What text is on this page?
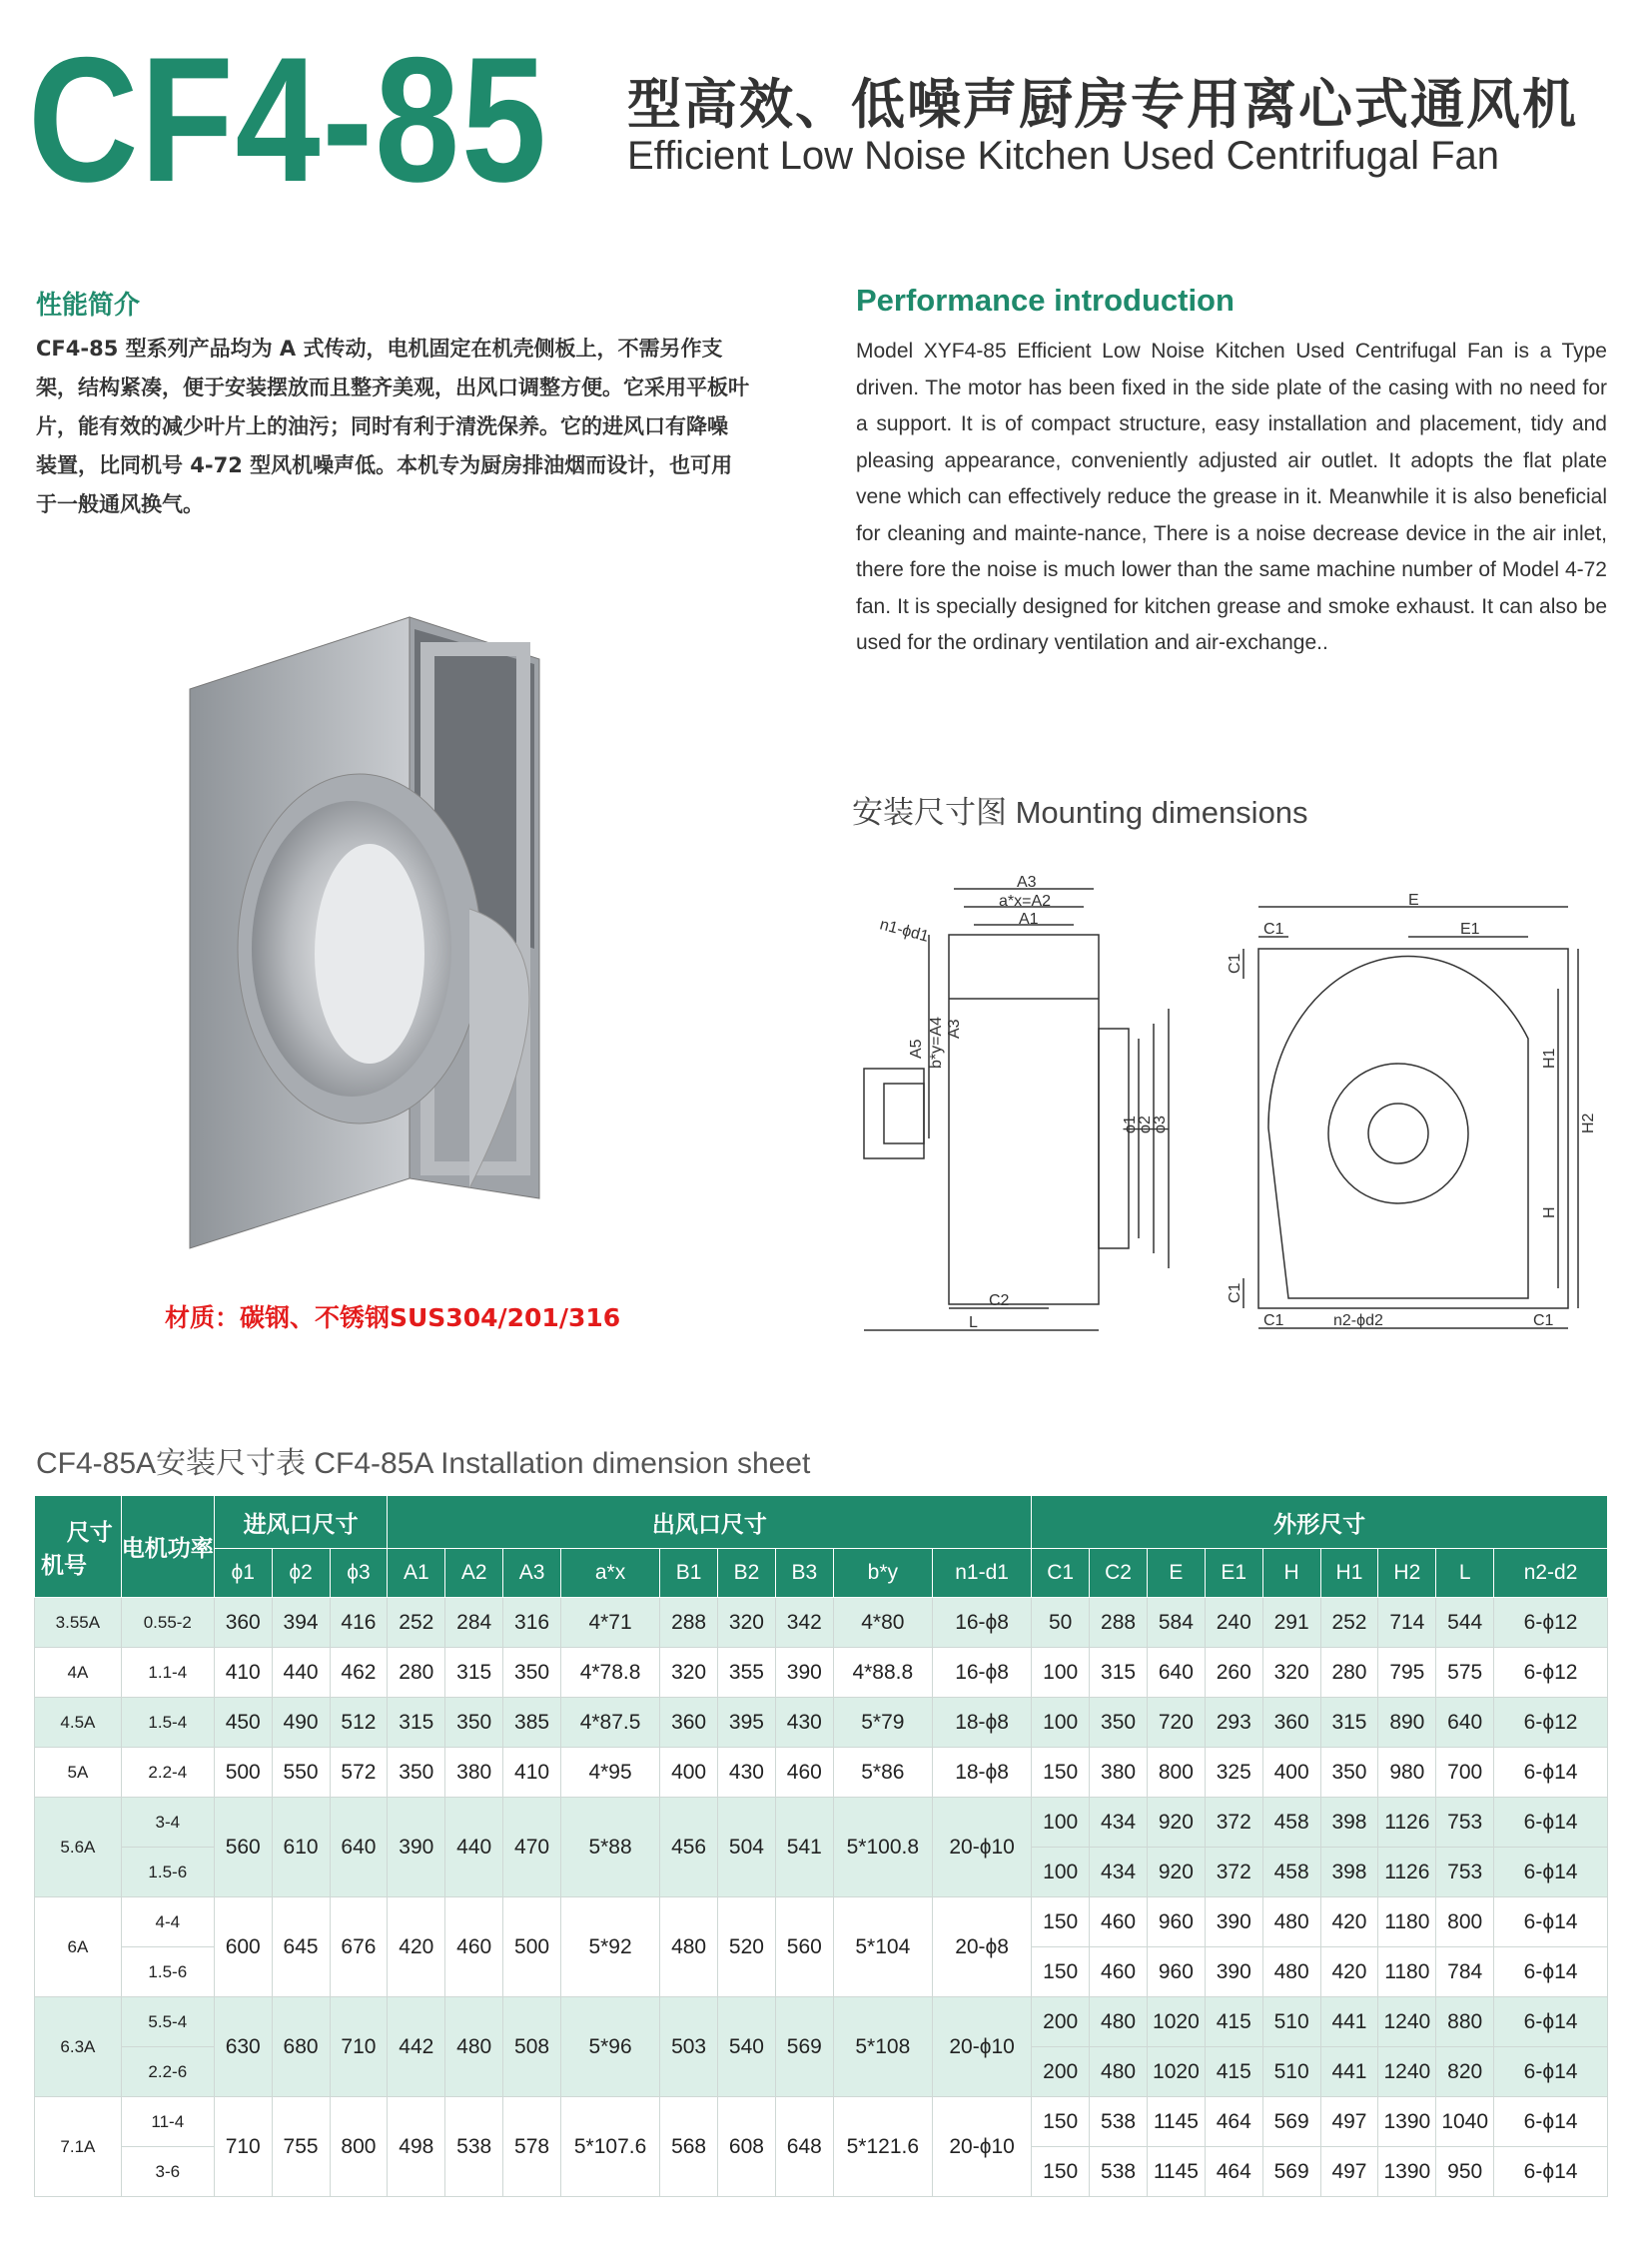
CF4-85 型高效、低噪声厨房专用离心式通风机
Efficient Low Noise Kitchen Used Centrifugal Fan
性能简介
CF4-85 型系列产品均为 A 式传动，电机固定在机壳侧板上，不需另作支
架，结构紧凑，便于安装摆放而且整齐美观，出风口调整方便。它采用平板叶
片，能有效的减少叶片上的油污；同时有利于清洗保养。它的进风口有降噪
装置，比同机号 4-72 型风机噪声低。本机专为厨房排油烟而设计，也可用
于一般通风换气。
Performance introduction
Model XYF4-85 Efficient Low Noise Kitchen Used Centrifugal Fan is a Type driven. The motor has been fixed in the side plate of the casing with no need for a support. It is of compact structure, easy installation and placement, tidy and pleasing appearance, conveniently adjusted air outlet. It adopts the flat plate vene which can effectively reduce the grease in it. Meanwhile it is also beneficial for cleaning and mainte-nance, There is a noise decrease device in the air inlet, there fore the noise is much lower than the same machine number of Model 4-72 fan. It is specially designed for kitchen grease and smoke exhaust. It can also be used for the ordinary ventilation and air-exchange..
材质：碳钢、不锈钢SUS304/201/316
安装尺寸图 Mounting dimensions
A3
a*x=A2
A1
n1-ϕd1
A5 b*y=A4 A3
ϕ1
ϕ2
ϕ3
C2
L
E
C1	E1
H2
H1
H
C1
C1
C1	n2-ϕd2	C1
CF4-85A安装尺寸表 CF4-85A Installation dimension sheet
尺寸
机号	电机功率	进风口尺寸			出风口尺寸									外形尺寸								
		ϕ1	ϕ2	ϕ3	A1	A2	A3	a*x	B1	B2	B3	b*y	n1-d1	C1	C2	E	E1	H	H1	H2	L	n2-d2
3.55A	0.55-2	360	394	416	252	284	316	4*71	288	320	342	4*80	16-ϕ8	50	288	584	240	291	252	714	544	6-ϕ12
4A	1.1-4	410	440	462	280	315	350	4*78.8	320	355	390	4*88.8	16-ϕ8	100	315	640	260	320	280	795	575	6-ϕ12
4.5A	1.5-4	450	490	512	315	350	385	4*87.5	360	395	430	5*79	18-ϕ8	100	350	720	293	360	315	890	640	6-ϕ12
5A	2.2-4	500	550	572	350	380	410	4*95	400	430	460	5*86	18-ϕ8	150	380	800	325	400	350	980	700	6-ϕ14
5.6A	3-4	560	610	640	390	440	470	5*88	456	504	541	5*100.8	20-ϕ10	100	434	920	372	458	398	1126	753	6-ϕ14
	1.5-6													100	434	920	372	458	398	1126	753	6-ϕ14
6A	4-4	600	645	676	420	460	500	5*92	480	520	560	5*104	20-ϕ8	150	460	960	390	480	420	1180	800	6-ϕ14
	1.5-6													150	460	960	390	480	420	1180	784	6-ϕ14
6.3A	5.5-4	630	680	710	442	480	508	5*96	503	540	569	5*108	20-ϕ10	200	480	1020	415	510	441	1240	880	6-ϕ14
	2.2-6													200	480	1020	415	510	441	1240	820	6-ϕ14
7.1A	11-4	710	755	800	498	538	578	5*107.6	568	608	648	5*121.6	20-ϕ10	150	538	1145	464	569	497	1390	1040	6-ϕ14
	3-6													150	538	1145	464	569	497	1390	950	6-ϕ14
